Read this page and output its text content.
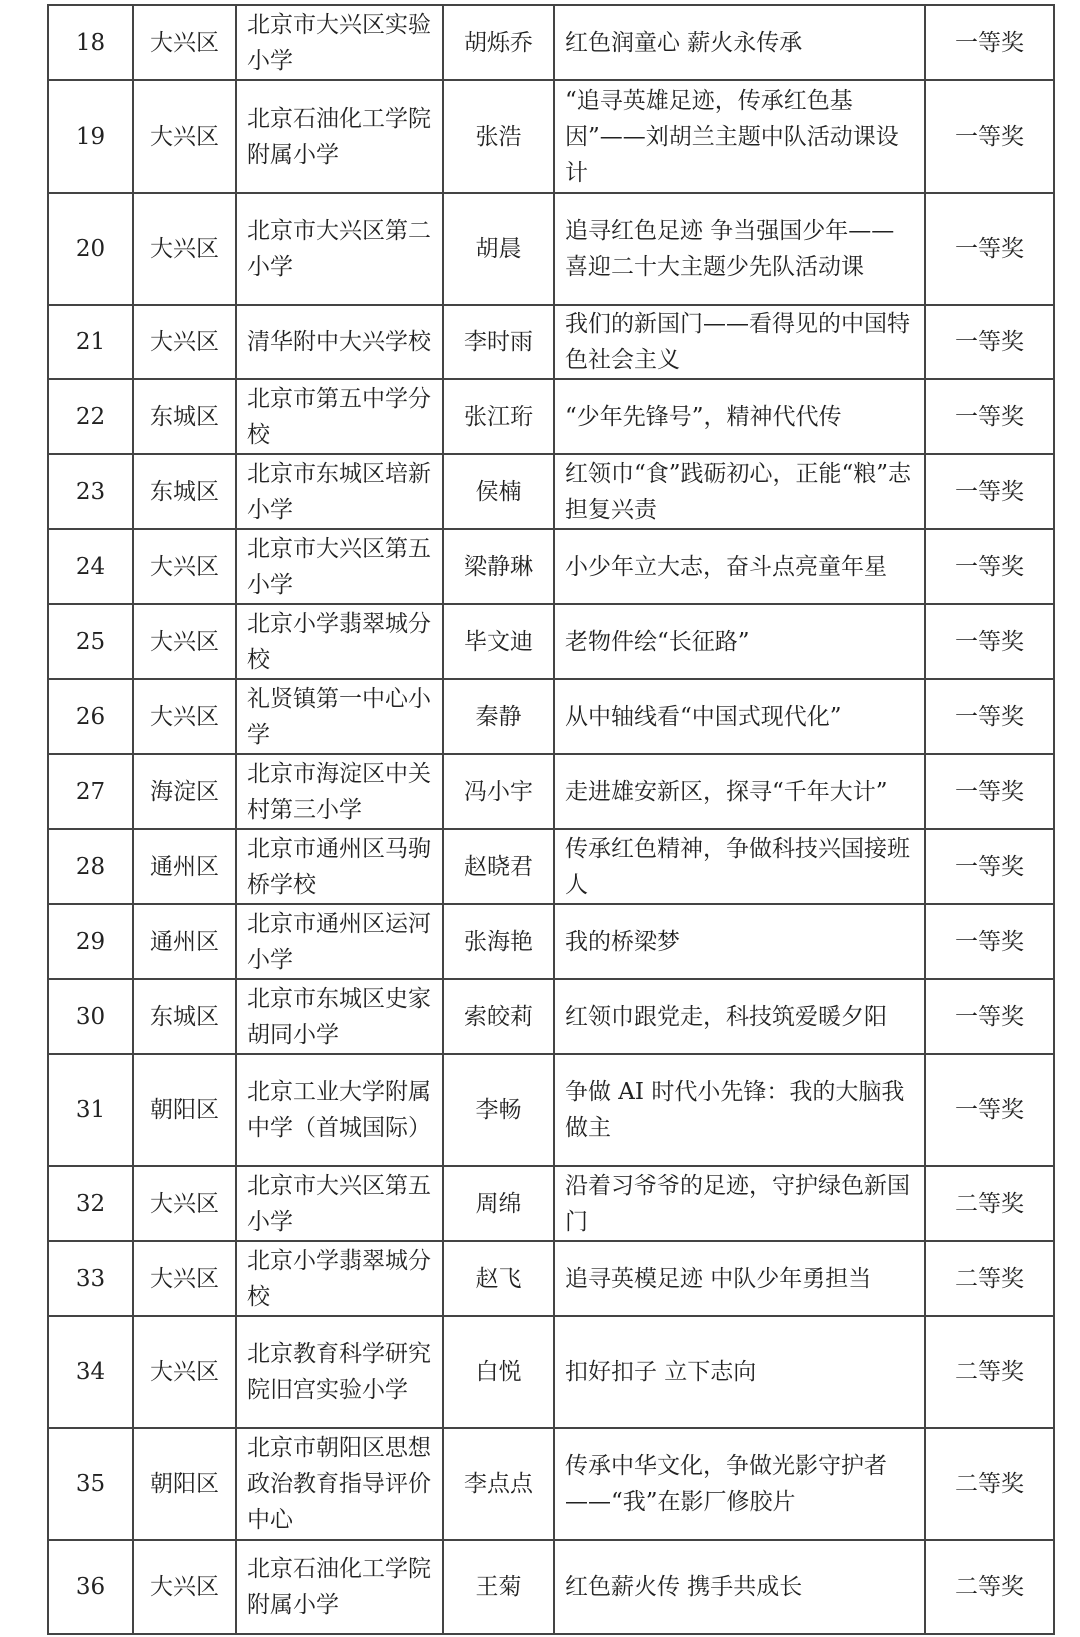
18	大兴区	北京市大兴区实验小学	胡烁乔	红色润童心 薪火永传承	一等奖
19	大兴区	北京石油化工学院附属小学	张浩	“追寻英雄足迹，传承红色基因”——刘胡兰主题中队活动课设计	一等奖
20	大兴区	北京市大兴区第二小学	胡晨	追寻红色足迹 争当强国少年——喜迎二十大主题少先队活动课	一等奖
21	大兴区	清华附中大兴学校	李时雨	我们的新国门——看得见的中国特色社会主义	一等奖
22	东城区	北京市第五中学分校	张江珩	“少年先锋号”，精神代代传	一等奖
23	东城区	北京市东城区培新小学	侯楠	红领巾“食”践砺初心，正能“粮”志担复兴责	一等奖
24	大兴区	北京市大兴区第五小学	梁静琳	小少年立大志，奋斗点亮童年星	一等奖
25	大兴区	北京小学翡翠城分校	毕文迪	老物件绘“长征路”	一等奖
26	大兴区	礼贤镇第一中心小学	秦静	从中轴线看“中国式现代化”	一等奖
27	海淀区	北京市海淀区中关村第三小学	冯小宇	走进雄安新区，探寻“千年大计”	一等奖
28	通州区	北京市通州区马驹桥学校	赵晓君	传承红色精神，争做科技兴国接班人	一等奖
29	通州区	北京市通州区运河小学	张海艳	我的桥梁梦	一等奖
30	东城区	北京市东城区史家胡同小学	索皎莉	红领巾跟党走，科技筑爱暖夕阳	一等奖
31	朝阳区	北京工业大学附属中学（首城国际）	李畅	争做 AI 时代小先锋：我的大脑我做主	一等奖
32	大兴区	北京市大兴区第五小学	周绵	沿着习爷爷的足迹，守护绿色新国门	二等奖
33	大兴区	北京小学翡翠城分校	赵飞	追寻英模足迹 中队少年勇担当	二等奖
34	大兴区	北京教育科学研究院旧宫实验小学	白悦	扣好扣子 立下志向	二等奖
35	朝阳区	北京市朝阳区思想政治教育指导评价中心	李点点	传承中华文化，争做光影守护者——“我”在影厂修胶片	二等奖
36	大兴区	北京石油化工学院附属小学	王菊	红色薪火传 携手共成长	二等奖
